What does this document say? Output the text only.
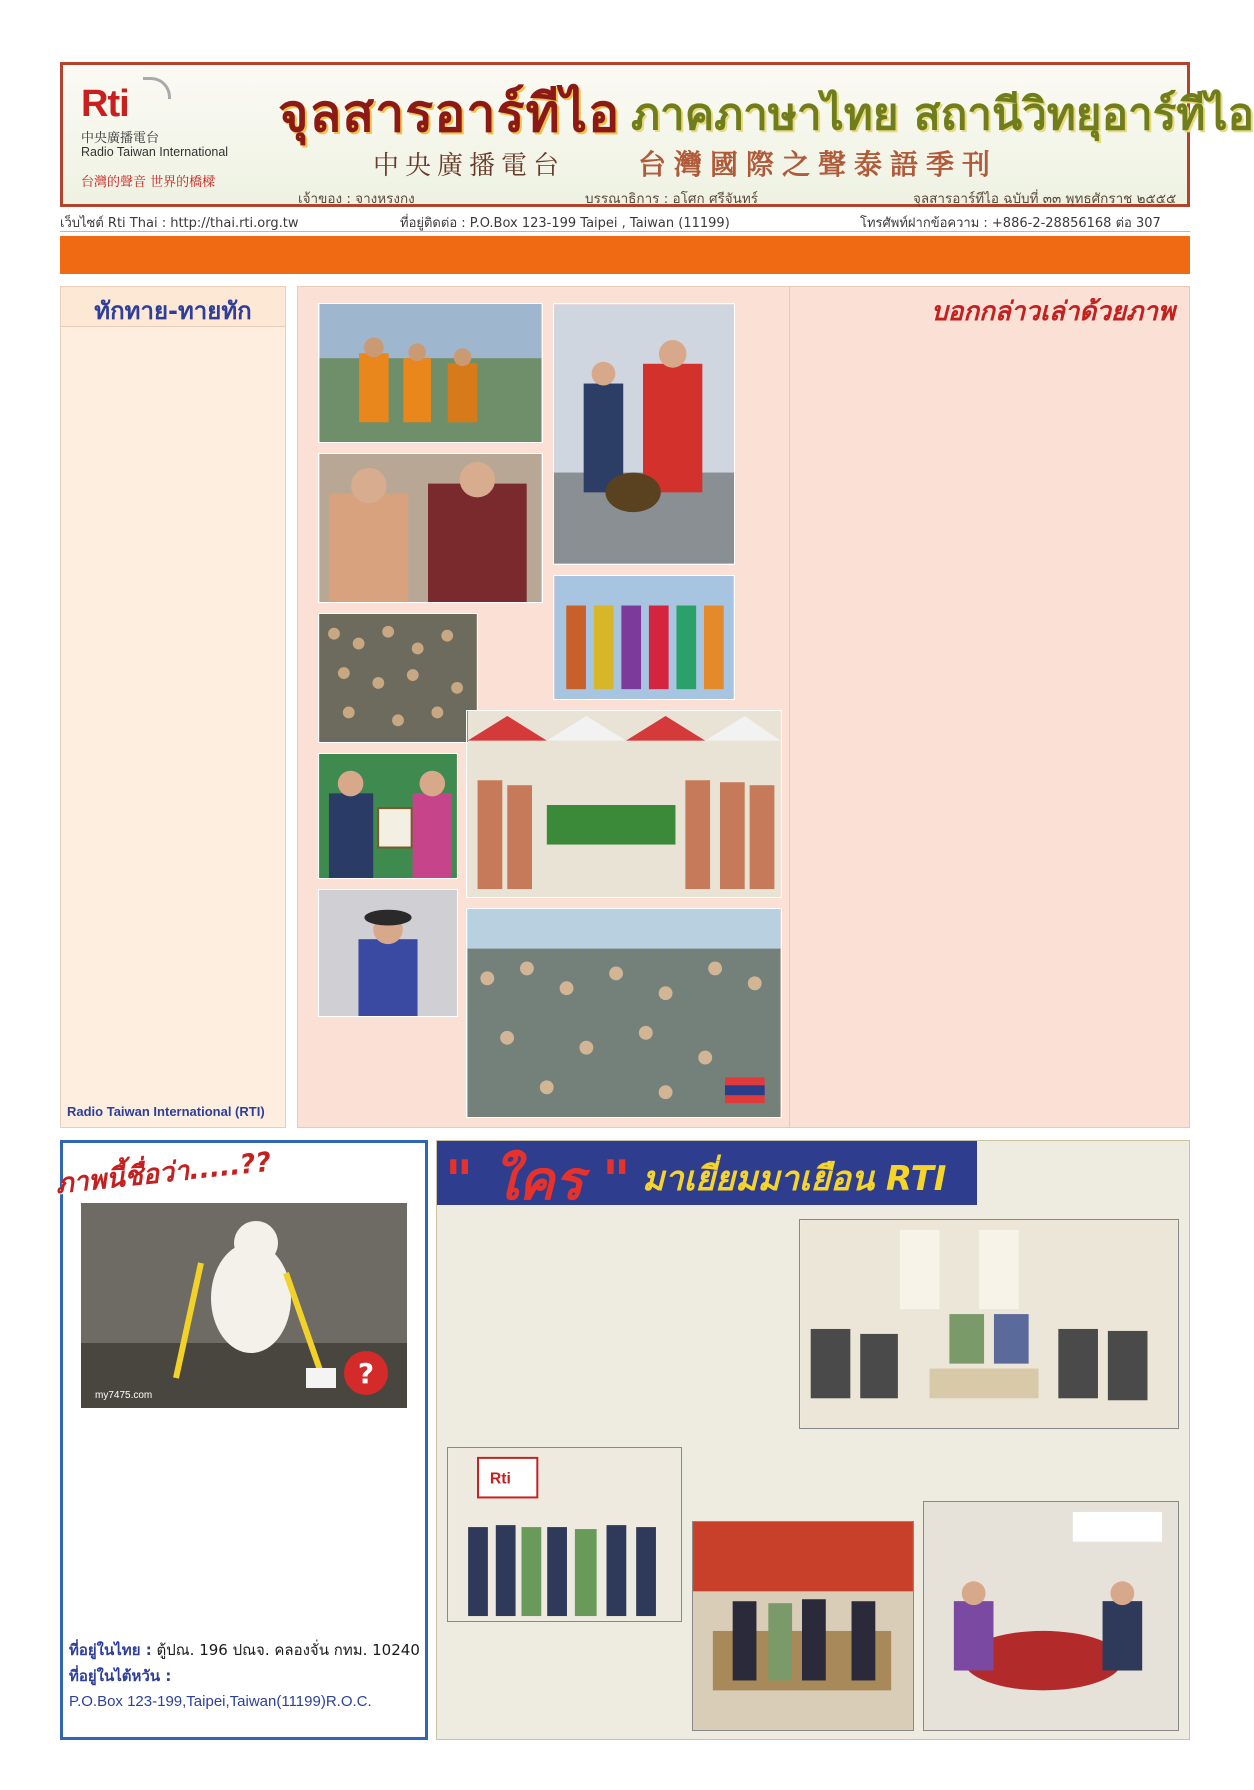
Rti
中央廣播電台
Radio Taiwan International
台灣的聲音 世界的橋樑
จุลสารอาร์ทีไอ ภาคภาษาไทย สถานีวิทยุอาร์ทีไอ
中央廣播電台	台灣國際之聲泰語季刊
เจ้าของ : จางหรงกง	บรรณาธิการ : อโศก ศรีจันทร์	จุลสารอาร์ทีไอ ฉบับที่ ๓๓ พุทธศักราช ๒๕๕๕
เว็บไซต์ Rti Thai : http://thai.rti.org.tw	ที่อยู่ติดต่อ : P.O.Box 123-199 Taipei , Taiwan (11199)	โทรศัพท์ฝากข้อความ : +886-2-28856168 ต่อ 307
ทักทาย-ทายทัก
Radio Taiwan International (RTI)
บอกกล่าวเล่าด้วยภาพ
my7475.com
?
ภาพนี้ชื่อว่า.....??
ที่อยู่ในไทย : ตู้ปณ. 196 ปณจ. คลองจั่น กทม. 10240
ที่อยู่ในไต้หวัน :
P.O.Box 123-199,Taipei,Taiwan(11199)R.O.C.
" ใคร " มาเยี่ยมมาเยือน RTI
Rti
